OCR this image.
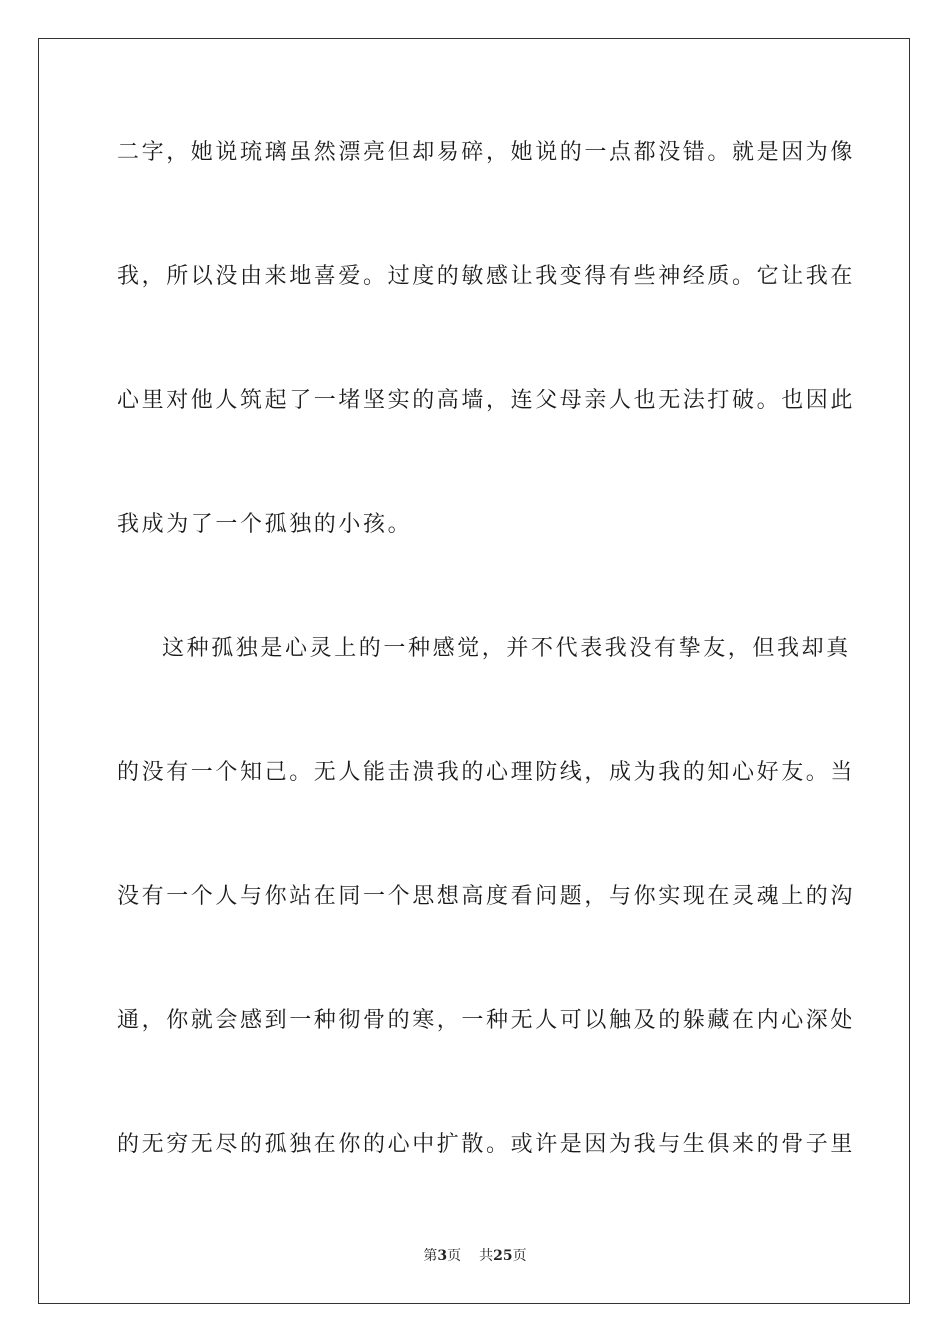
二字，她说琉璃虽然漂亮但却易碎，她说的一点都没错。就是因为像
我，所以没由来地喜爱。过度的敏感让我变得有些神经质。它让我在
心里对他人筑起了一堵坚实的高墙，连父母亲人也无法打破。也因此
我成为了一个孤独的小孩。
这种孤独是心灵上的一种感觉，并不代表我没有挚友，但我却真
的没有一个知己。无人能击溃我的心理防线，成为我的知心好友。当
没有一个人与你站在同一个思想高度看问题，与你实现在灵魂上的沟
通，你就会感到一种彻骨的寒，一种无人可以触及的躲藏在内心深处
的无穷无尽的孤独在你的心中扩散。或许是因为我与生俱来的骨子里
第3页 共25页
